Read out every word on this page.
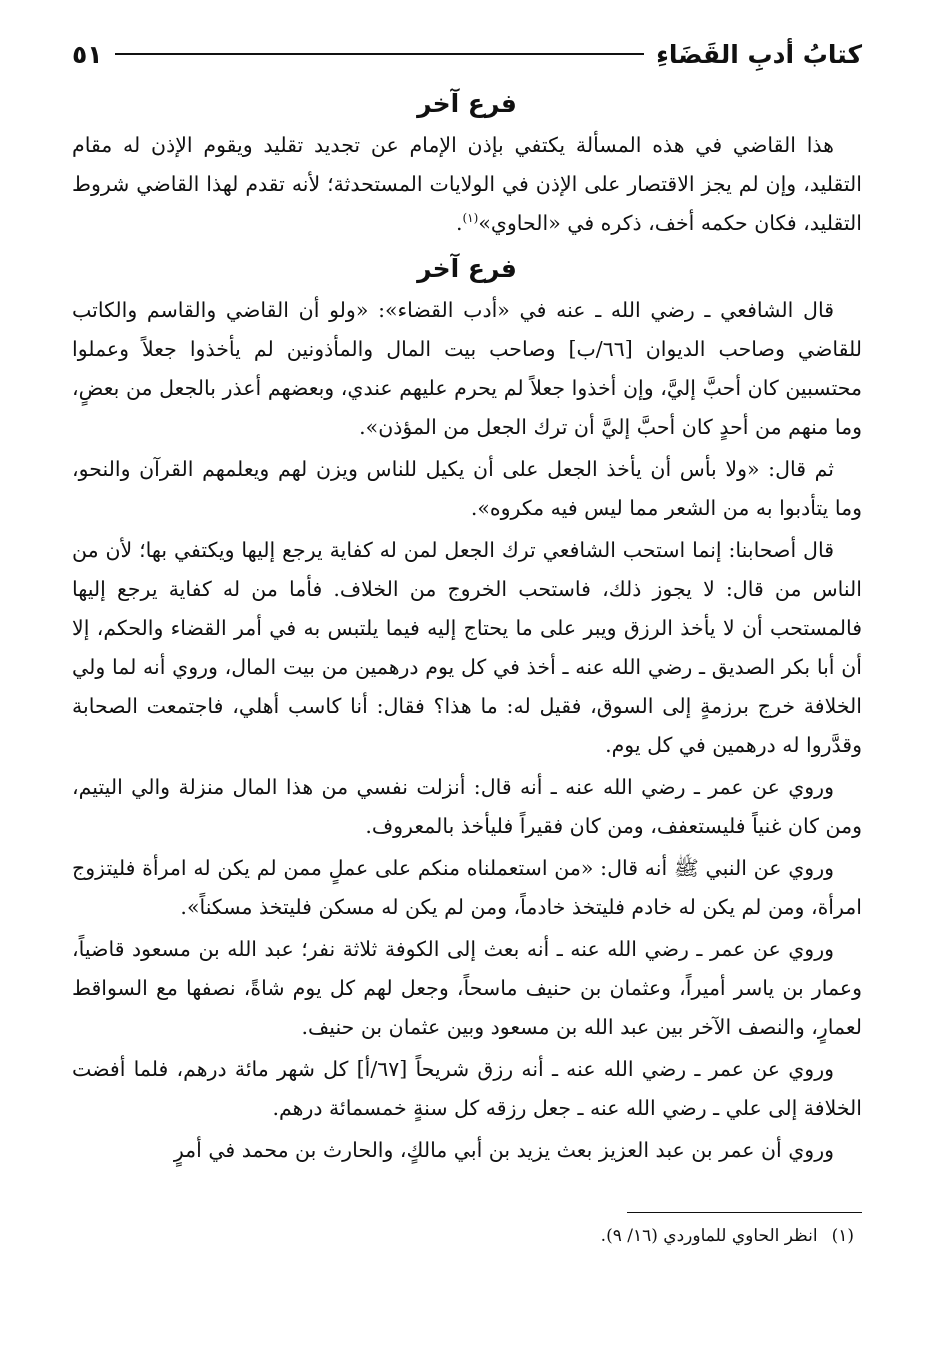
كتابُ أدبِ القَضَاءِ
٥١
فرع آخر

هذا القاضي في هذه المسألة يكتفي بإذن الإمام عن تجديد تقليد ويقوم الإذن له مقام التقليد، وإن لم يجز الاقتصار على الإذن في الولايات المستحدثة؛ لأنه تقدم لهذا القاضي شروط التقليد، فكان حكمه أخف، ذكره في «الحاوي»$^{(١)}$.

فرع آخر

قال الشافعي ـ رضي الله ـ عنه في «أدب القضاء»: «ولو أن القاضي والقاسم والكاتب للقاضي وصاحب الديوان [٦٦/ب] وصاحب بيت المال والمأذونين لم يأخذوا جعلاً وعملوا محتسبين كان أحبَّ إليَّ، وإن أخذوا جعلاً لم يحرم عليهم عندي، وبعضهم أعذر بالجعل من بعضٍ، وما منهم من أحدٍ كان أحبَّ إليَّ أن ترك الجعل من المؤذن».

ثم قال: «ولا بأس أن يأخذ الجعل على أن يكيل للناس ويزن لهم ويعلمهم القرآن والنحو، وما يتأدبوا به من الشعر مما ليس فيه مكروه».

قال أصحابنا: إنما استحب الشافعي ترك الجعل لمن له كفاية يرجع إليها ويكتفي بها؛ لأن من الناس من قال: لا يجوز ذلك، فاستحب الخروج من الخلاف. فأما من له كفاية يرجع إليها فالمستحب أن لا يأخذ الرزق ويبر على ما يحتاج إليه فيما يلتبس به في أمر القضاء والحكم، إلا أن أبا بكر الصديق ـ رضي الله عنه ـ أخذ في كل يوم درهمين من بيت المال، وروي أنه لما ولي الخلافة خرج برزمةٍ إلى السوق، فقيل له: ما هذا؟ فقال: أنا كاسب أهلي، فاجتمعت الصحابة وقدَّروا له درهمين في كل يوم.

وروي عن عمر ـ رضي الله عنه ـ أنه قال: أنزلت نفسي من هذا المال منزلة والي اليتيم، ومن كان غنياً فليستعفف، ومن كان فقيراً فليأخذ بالمعروف.

وروي عن النبي ﷺ أنه قال: «من استعملناه منكم على عملٍ ممن لم يكن له امرأة فليتزوج امرأة، ومن لم يكن له خادم فليتخذ خادماً، ومن لم يكن له مسكن فليتخذ مسكناً».

وروي عن عمر ـ رضي الله عنه ـ أنه بعث إلى الكوفة ثلاثة نفر؛ عبد الله بن مسعود قاضياً، وعمار بن ياسر أميراً، وعثمان بن حنيف ماسحاً، وجعل لهم كل يوم شاةً، نصفها مع السواقط لعمارٍ، والنصف الآخر بين عبد الله بن مسعود وبين عثمان بن حنيف.

وروي عن عمر ـ رضي الله عنه ـ أنه رزق شريحاً [٦٧/أ] كل شهر مائة درهم، فلما أفضت الخلافة إلى علي ـ رضي الله عنه ـ جعل رزقه كل سنةٍ خمسمائة درهم.

وروي أن عمر بن عبد العزيز بعث يزيد بن أبي مالكٍ، والحارث بن محمد في أمرٍ

(١)انظر الحاوي للماوردي (١٦/ ٩).
